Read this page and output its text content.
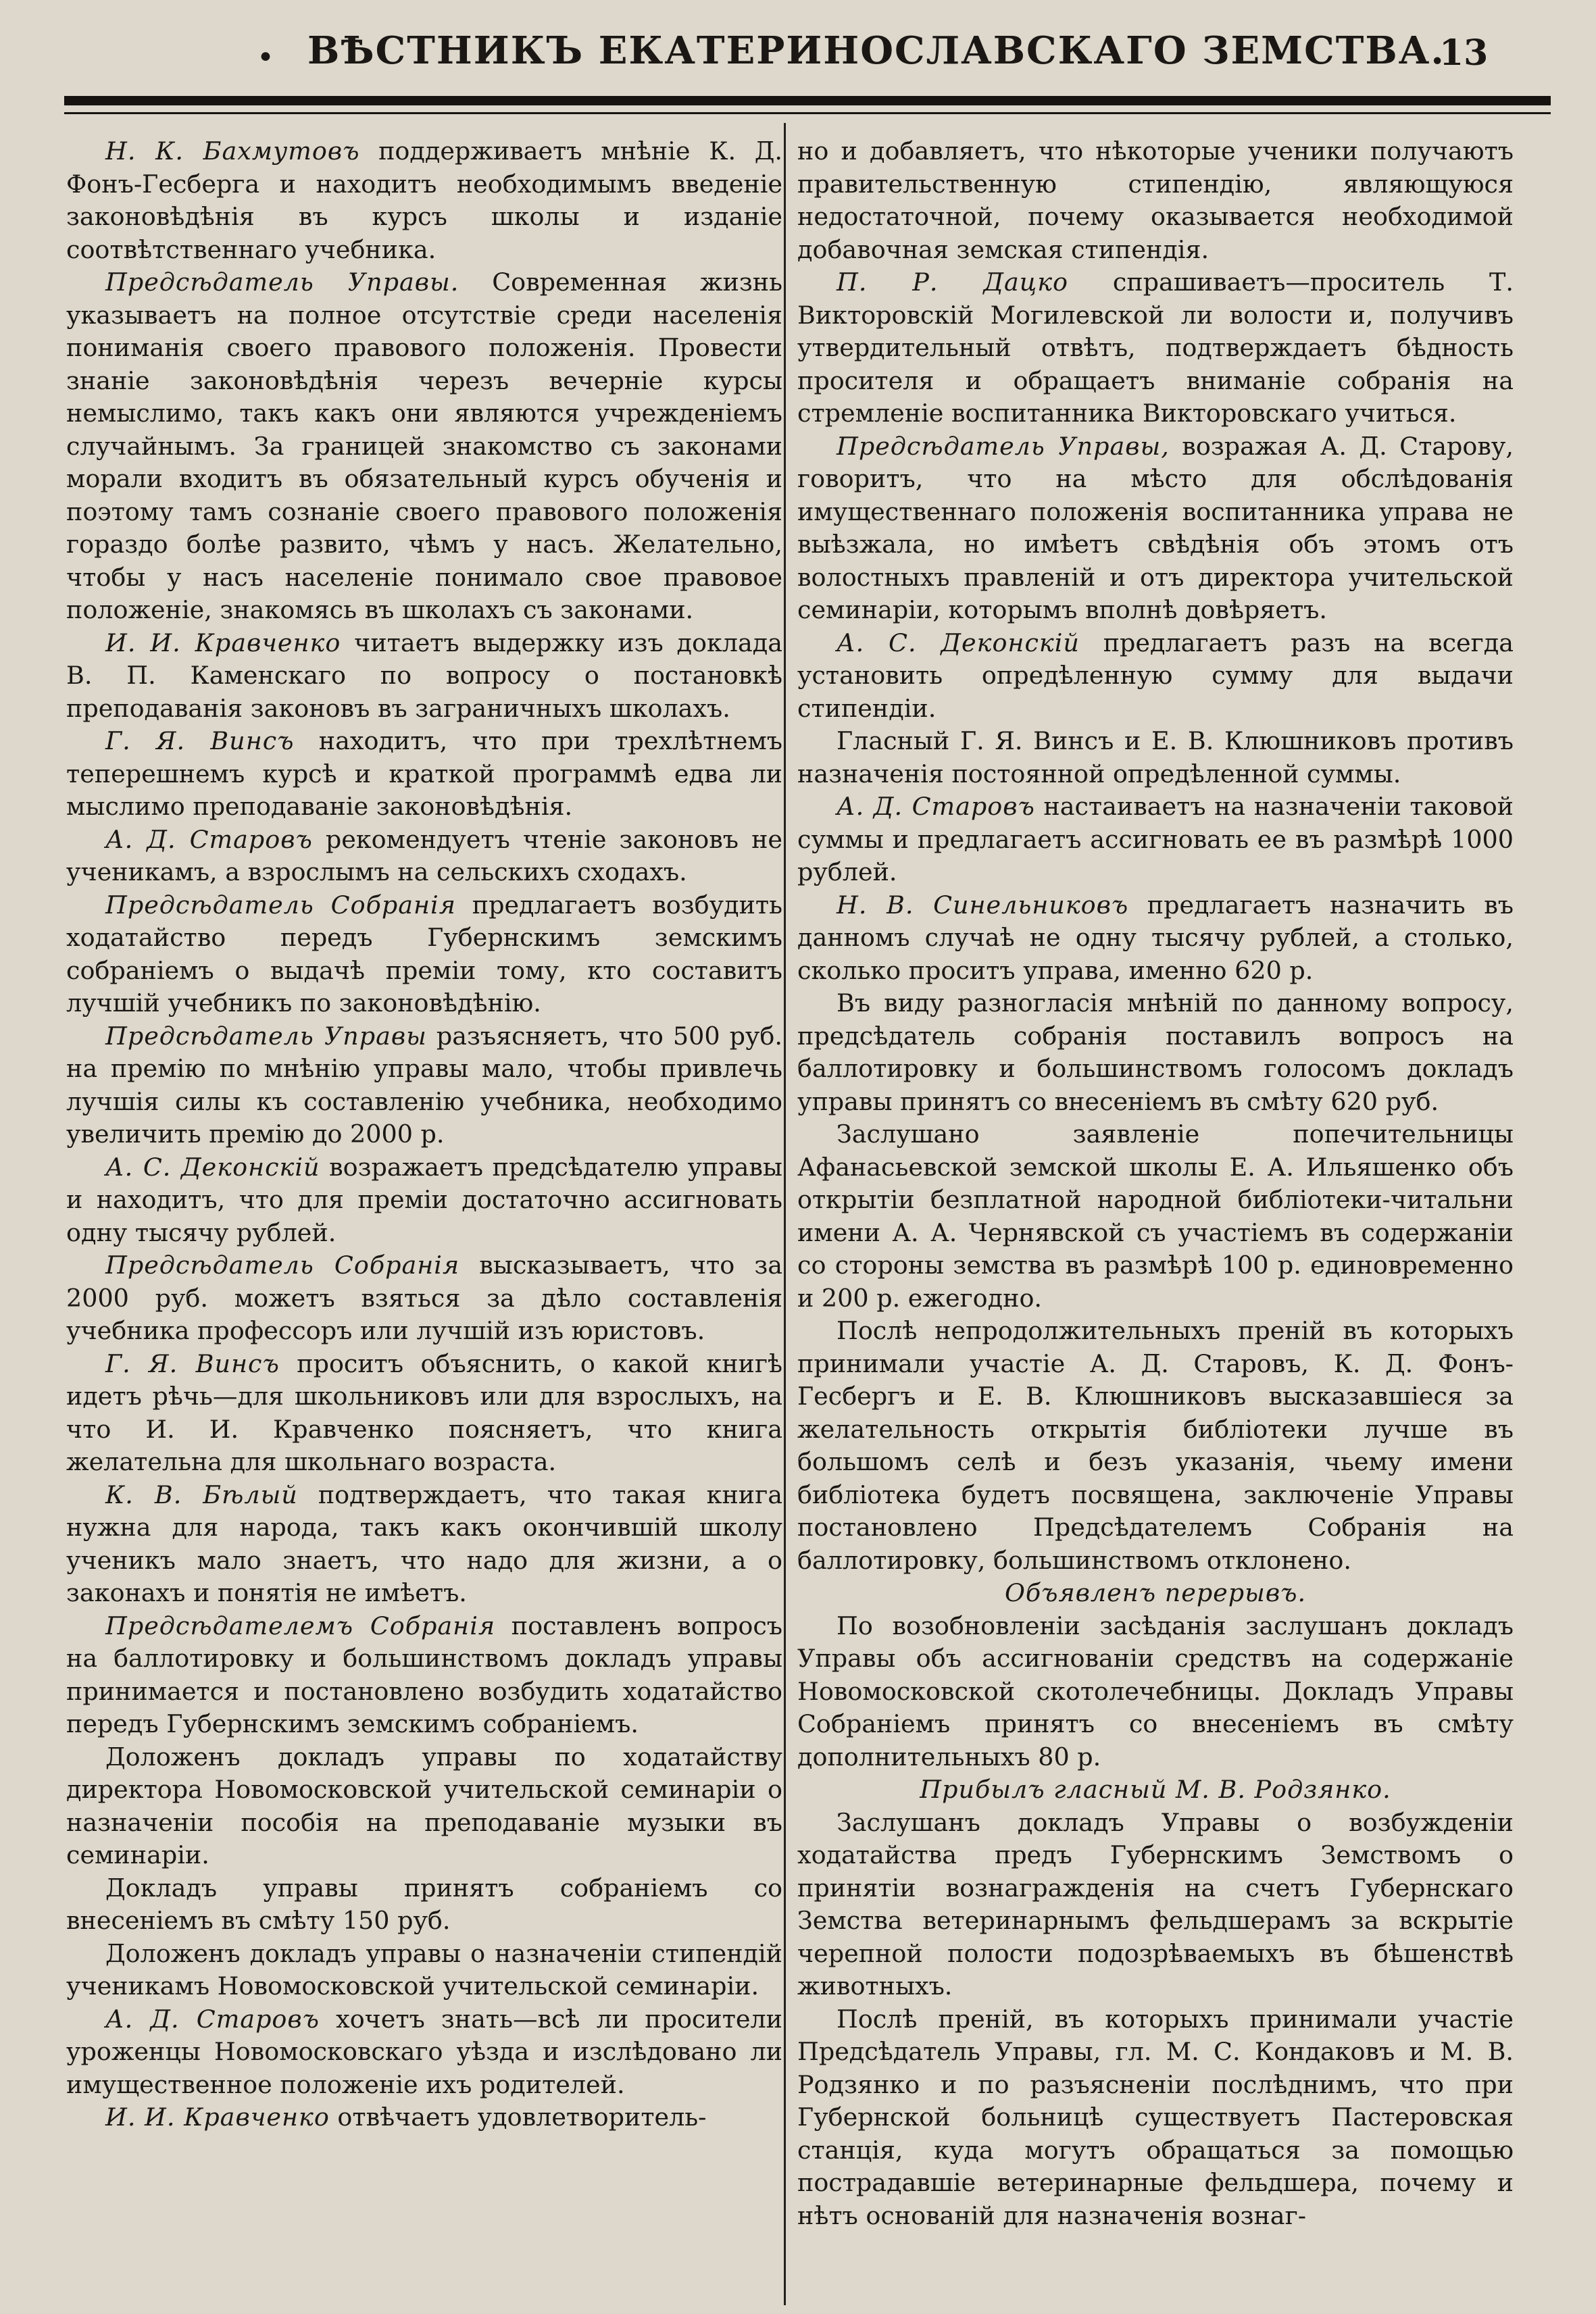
• ВѢСТНИКЪ ЕКАТЕРИНОСЛАВСКАГО ЗЕМСТВА.
13

Н. К. Бахмутовъ поддерживаетъ мнѣніе К. Д. Фонъ-Гесберга и находитъ необходимымъ введеніе законовѣдѣнія въ курсъ школы и изданіе соотвѣтственнаго учебника.

Предсѣдатель Управы. Современная жизнь указываетъ на полное отсутствіе среди населенія пониманія своего правового положенія. Провести знаніе законовѣдѣнія черезъ вечерніе курсы немыслимо, такъ какъ они являются учрежденіемъ случайнымъ. За границей знакомство съ законами морали входитъ въ обязательный курсъ обученія и поэтому тамъ сознаніе своего правового положенія гораздо болѣе развито, чѣмъ у насъ. Желательно, чтобы у насъ населеніе понимало свое правовое положеніе, знакомясь въ школахъ съ законами.

И. И. Кравченко читаетъ выдержку изъ доклада В. П. Каменскаго по вопросу о постановкѣ преподаванія законовъ въ заграничныхъ школахъ.

Г. Я. Винсъ находитъ, что при трехлѣтнемъ теперешнемъ курсѣ и краткой программѣ едва ли мыслимо преподаваніе законовѣдѣнія.

А. Д. Старовъ рекомендуетъ чтеніе законовъ не ученикамъ, а взрослымъ на сельскихъ сходахъ.

Предсѣдатель Собранія предлагаетъ возбудить ходатайство передъ Губернскимъ земскимъ собраніемъ о выдачѣ преміи тому, кто составитъ лучшій учебникъ по законовѣдѣнію.

Предсѣдатель Управы разъясняетъ, что 500 руб. на премію по мнѣнію управы мало, чтобы привлечь лучшія силы къ составленію учебника, необходимо увеличить премію до 2000 р.

А. С. Деконскій возражаетъ предсѣдателю управы и находитъ, что для преміи достаточно ассигновать одну тысячу рублей.

Предсѣдатель Собранія высказываетъ, что за 2000 руб. можетъ взяться за дѣло составленія учебника профессоръ или лучшій изъ юристовъ.

Г. Я. Винсъ проситъ объяснить, о какой книгѣ идетъ рѣчь—для школьниковъ или для взрослыхъ, на что И. И. Кравченко поясняетъ, что книга желательна для школьнаго возраста.

К. В. Бѣлый подтверждаетъ, что такая книга нужна для народа, такъ какъ окончившій школу ученикъ мало знаетъ, что надо для жизни, а о законахъ и понятія не имѣетъ.

Предсѣдателемъ Собранія поставленъ вопросъ на баллотировку и большинствомъ докладъ управы принимается и постановлено возбудить ходатайство передъ Губернскимъ земскимъ собраніемъ.

Доложенъ докладъ управы по ходатайству директора Новомосковской учительской семинаріи о назначеніи пособія на преподаваніе музыки въ семинаріи.

Докладъ управы принятъ собраніемъ со внесеніемъ въ смѣту 150 руб.

Доложенъ докладъ управы о назначеніи стипендій ученикамъ Новомосковской учительской семинаріи.

А. Д. Старовъ хочетъ знать—всѣ ли просители уроженцы Новомосковскаго уѣзда и изслѣдовано ли имущественное положеніе ихъ родителей.

И. И. Кравченко отвѣчаетъ удовлетворитель-

но и добавляетъ, что нѣкоторые ученики получаютъ правительственную стипендію, являющуюся недостаточной, почему оказывается необходимой добавочная земская стипендія.

П. Р. Дацко спрашиваетъ—проситель Т. Викторовскій Могилевской ли волости и, получивъ утвердительный отвѣтъ, подтверждаетъ бѣдность просителя и обращаетъ вниманіе собранія на стремленіе воспитанника Викторовскаго учиться.

Предсѣдатель Управы, возражая А. Д. Старову, говоритъ, что на мѣсто для обслѣдованія имущественнаго положенія воспитанника управа не выѣзжала, но имѣетъ свѣдѣнія объ этомъ отъ волостныхъ правленій и отъ директора учительской семинаріи, которымъ вполнѣ довѣряетъ.

А. С. Деконскій предлагаетъ разъ на всегда установить опредѣленную сумму для выдачи стипендіи.

Гласный Г. Я. Винсъ и Е. В. Клюшниковъ противъ назначенія постоянной опредѣленной суммы.

А. Д. Старовъ настаиваетъ на назначеніи таковой суммы и предлагаетъ ассигновать ее въ размѣрѣ 1000 рублей.

Н. В. Синельниковъ предлагаетъ назначить въ данномъ случаѣ не одну тысячу рублей, а столько, сколько проситъ управа, именно 620 р.

Въ виду разногласія мнѣній по данному вопросу, предсѣдатель собранія поставилъ вопросъ на баллотировку и большинствомъ голосомъ докладъ управы принятъ со внесеніемъ въ смѣту 620 руб.

Заслушано заявленіе попечительницы Афанасьевской земской школы Е. А. Ильяшенко объ открытіи безплатной народной библіотеки-читальни имени А. А. Чернявской съ участіемъ въ содержаніи со стороны земства въ размѣрѣ 100 р. единовременно и 200 р. ежегодно.

Послѣ непродолжительныхъ преній въ которыхъ принимали участіе А. Д. Старовъ, К. Д. Фонъ-Гесбергъ и Е. В. Клюшниковъ высказавшіеся за желательность открытія библіотеки лучше въ большомъ селѣ и безъ указанія, чьему имени библіотека будетъ посвящена, заключеніе Управы постановлено Предсѣдателемъ Собранія на баллотировку, большинствомъ отклонено.

Объявленъ перерывъ.

По возобновленіи засѣданія заслушанъ докладъ Управы объ ассигнованіи средствъ на содержаніе Новомосковской скотолечебницы. Докладъ Управы Собраніемъ принятъ со внесеніемъ въ смѣту дополнительныхъ 80 р.

Прибылъ гласный М. В. Родзянко.

Заслушанъ докладъ Управы о возбужденіи ходатайства предъ Губернскимъ Земствомъ о принятіи вознагражденія на счетъ Губернскаго Земства ветеринарнымъ фельдшерамъ за вскрытіе черепной полости подозрѣваемыхъ въ бѣшенствѣ животныхъ.

Послѣ преній, въ которыхъ принимали участіе Предсѣдатель Управы, гл. М. С. Кондаковъ и М. В. Родзянко и по разъясненіи послѣднимъ, что при Губернской больницѣ существуетъ Пастеровская станція, куда могутъ обращаться за помощью пострадавшіе ветеринарные фельдшера, почему и нѣтъ основаній для назначенія вознаг-
